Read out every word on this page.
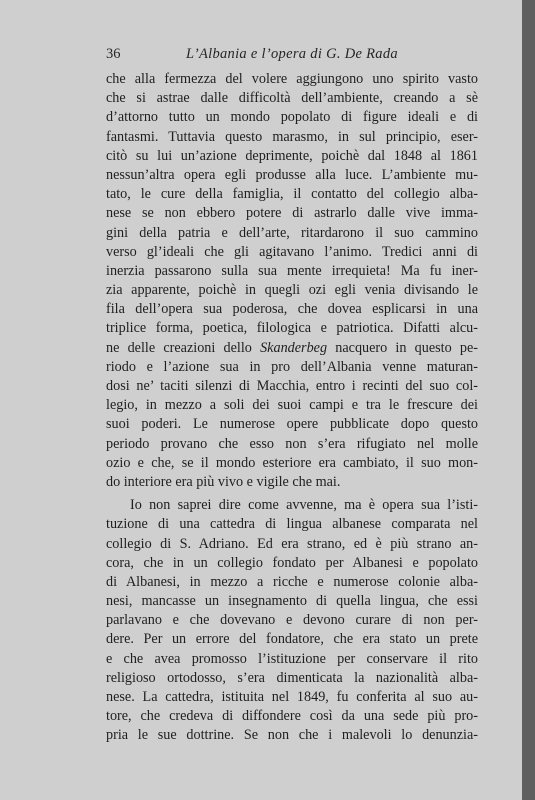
36	L’Albania e l’opera di G. De Rada
che alla fermezza del volere aggiungono uno spirito vasto
che si astrae dalle difficoltà dell’ambiente, creando a sè
d’attorno tutto un mondo popolato di figure ideali e di
fantasmi. Tuttavia questo marasmo, in sul principio, eser-
citò su lui un’azione deprimente, poichè dal 1848 al 1861
nessun’altra opera egli produsse alla luce. L’ambiente mu-
tato, le cure della famiglia, il contatto del collegio alba-
nese se non ebbero potere di astrarlo dalle vive imma-
gini della patria e dell’arte, ritardarono il suo cammino
verso gl’ideali che gli agitavano l’animo. Tredici anni di
inerzia passarono sulla sua mente irrequieta! Ma fu iner-
zia apparente, poichè in quegli ozi egli venia divisando le
fila dell’opera sua poderosa, che dovea esplicarsi in una
triplice forma, poetica, filologica e patriotica. Difatti alcu-
ne delle creazioni dello Skanderbeg nacquero in questo pe-
riodo e l’azione sua in pro dell’Albania venne maturan-
dosi ne’ taciti silenzi di Macchia, entro i recinti del suo col-
legio, in mezzo a soli dei suoi campi e tra le frescure dei
suoi poderi. Le numerose opere pubblicate dopo questo
periodo provano che esso non s’era rifugiato nel molle
ozio e che, se il mondo esteriore era cambiato, il suo mon-
do interiore era più vivo e vigile che mai.
Io non saprei dire come avvenne, ma è opera sua l’isti-
tuzione di una cattedra di lingua albanese comparata nel
collegio di S. Adriano. Ed era strano, ed è più strano an-
cora, che in un collegio fondato per Albanesi e popolato
di Albanesi, in mezzo a ricche e numerose colonie alba-
nesi, mancasse un insegnamento di quella lingua, che essi
parlavano e che dovevano e devono curare di non per-
dere. Per un errore del fondatore, che era stato un prete
e che avea promosso l’istituzione per conservare il rito
religioso ortodosso, s’era dimenticata la nazionalità alba-
nese. La cattedra, istituita nel 1849, fu conferita al suo au-
tore, che credeva di diffondere così da una sede più pro-
pria le sue dottrine. Se non che i malevoli lo denunzia-
